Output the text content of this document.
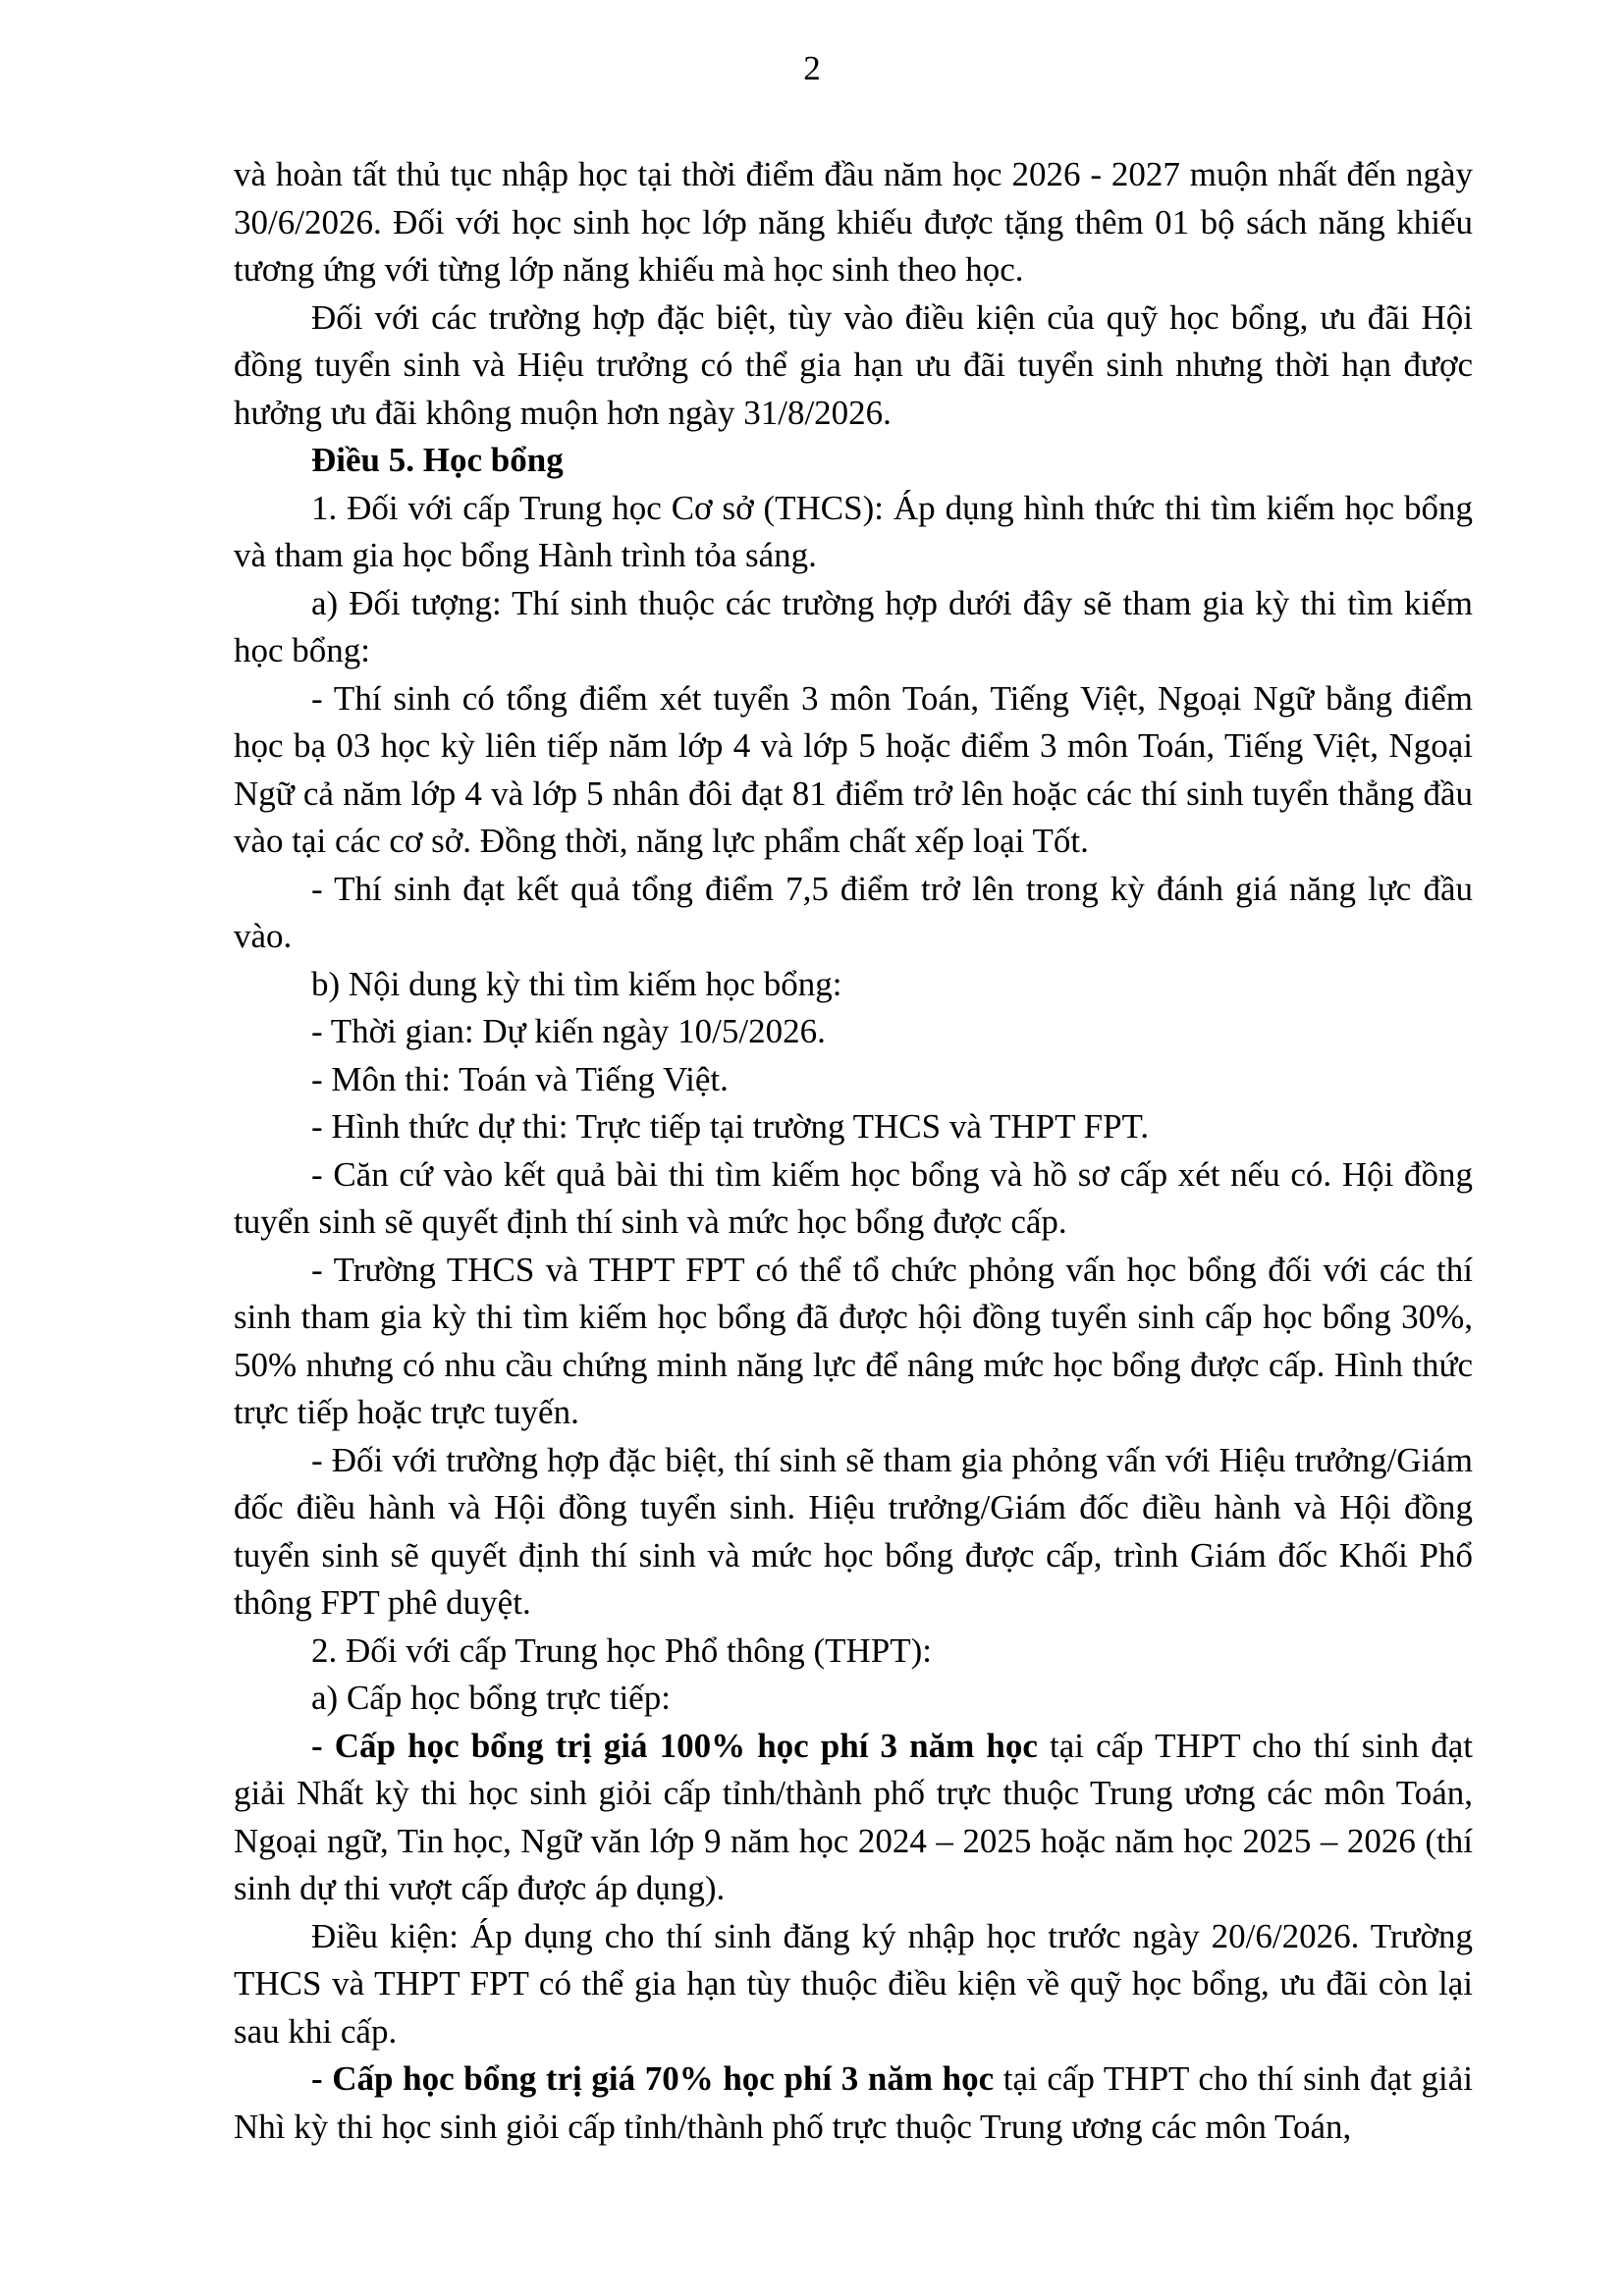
2

và hoàn tất thủ tục nhập học tại thời điểm đầu năm học 2026 - 2027 muộn nhất đến ngày 30/6/2026. Đối với học sinh học lớp năng khiếu được tặng thêm 01 bộ sách năng khiếu tương ứng với từng lớp năng khiếu mà học sinh theo học.

Đối với các trường hợp đặc biệt, tùy vào điều kiện của quỹ học bổng, ưu đãi Hội đồng tuyển sinh và Hiệu trưởng có thể gia hạn ưu đãi tuyển sinh nhưng thời hạn được hưởng ưu đãi không muộn hơn ngày 31/8/2026.

Điều 5. Học bổng

1. Đối với cấp Trung học Cơ sở (THCS): Áp dụng hình thức thi tìm kiếm học bổng và tham gia học bổng Hành trình tỏa sáng.

a) Đối tượng: Thí sinh thuộc các trường hợp dưới đây sẽ tham gia kỳ thi tìm kiếm học bổng:

- Thí sinh có tổng điểm xét tuyển 3 môn Toán, Tiếng Việt, Ngoại Ngữ bằng điểm học bạ 03 học kỳ liên tiếp năm lớp 4 và lớp 5 hoặc điểm 3 môn Toán, Tiếng Việt, Ngoại Ngữ cả năm lớp 4 và lớp 5 nhân đôi đạt 81 điểm trở lên hoặc các thí sinh tuyển thẳng đầu vào tại các cơ sở. Đồng thời, năng lực phẩm chất xếp loại Tốt.

- Thí sinh đạt kết quả tổng điểm 7,5 điểm trở lên trong kỳ đánh giá năng lực đầu vào.

b) Nội dung kỳ thi tìm kiếm học bổng:

- Thời gian: Dự kiến ngày 10/5/2026.

- Môn thi: Toán và Tiếng Việt.

- Hình thức dự thi: Trực tiếp tại trường THCS và THPT FPT.

- Căn cứ vào kết quả bài thi tìm kiếm học bổng và hồ sơ cấp xét nếu có. Hội đồng tuyển sinh sẽ quyết định thí sinh và mức học bổng được cấp.

- Trường THCS và THPT FPT có thể tổ chức phỏng vấn học bổng đối với các thí sinh tham gia kỳ thi tìm kiếm học bổng đã được hội đồng tuyển sinh cấp học bổng 30%, 50% nhưng có nhu cầu chứng minh năng lực để nâng mức học bổng được cấp. Hình thức trực tiếp hoặc trực tuyến.

- Đối với trường hợp đặc biệt, thí sinh sẽ tham gia phỏng vấn với Hiệu trưởng/Giám đốc điều hành và Hội đồng tuyển sinh. Hiệu trưởng/Giám đốc điều hành và Hội đồng tuyển sinh sẽ quyết định thí sinh và mức học bổng được cấp, trình Giám đốc Khối Phổ thông FPT phê duyệt.

2. Đối với cấp Trung học Phổ thông (THPT):

a) Cấp học bổng trực tiếp:

- Cấp học bổng trị giá 100% học phí 3 năm học tại cấp THPT cho thí sinh đạt giải Nhất kỳ thi học sinh giỏi cấp tỉnh/thành phố trực thuộc Trung ương các môn Toán, Ngoại ngữ, Tin học, Ngữ văn lớp 9 năm học 2024 – 2025 hoặc năm học 2025 – 2026 (thí sinh dự thi vượt cấp được áp dụng).

Điều kiện: Áp dụng cho thí sinh đăng ký nhập học trước ngày 20/6/2026. Trường THCS và THPT FPT có thể gia hạn tùy thuộc điều kiện về quỹ học bổng, ưu đãi còn lại sau khi cấp.

- Cấp học bổng trị giá 70% học phí 3 năm học tại cấp THPT cho thí sinh đạt giải Nhì kỳ thi học sinh giỏi cấp tỉnh/thành phố trực thuộc Trung ương các môn Toán,
